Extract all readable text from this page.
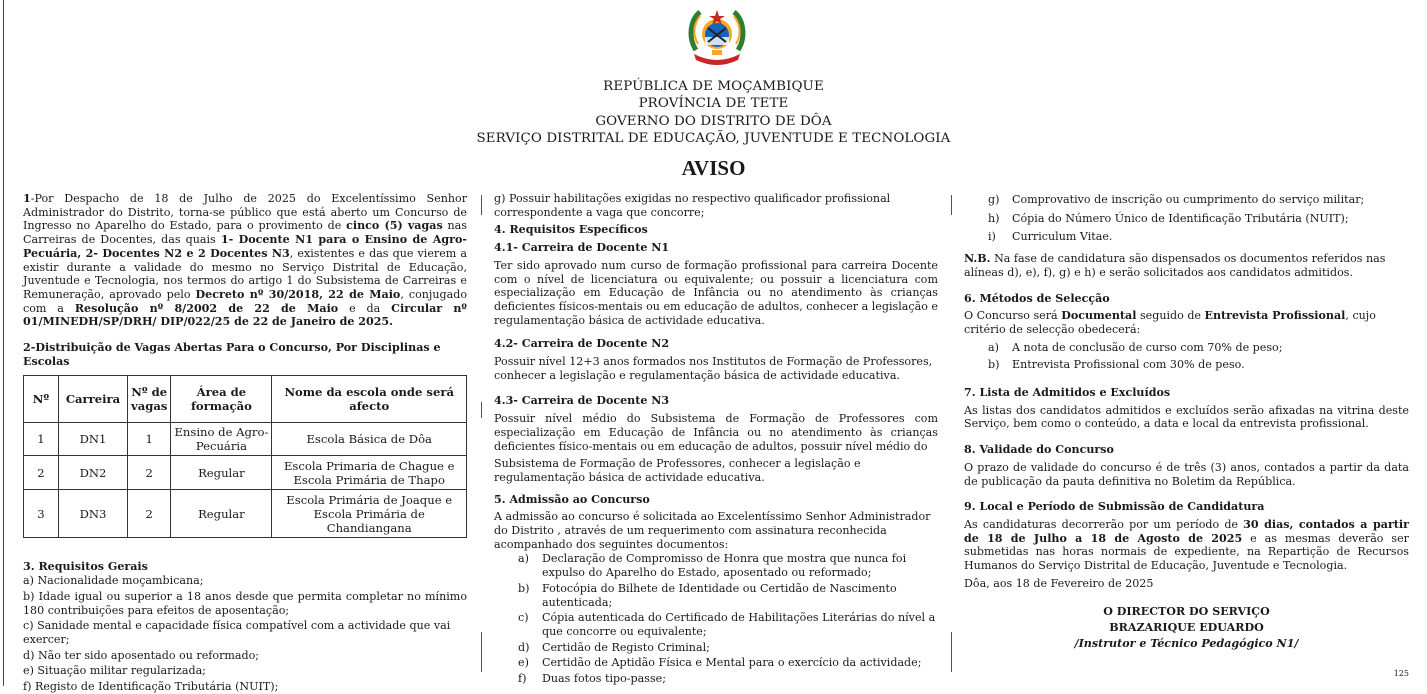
REPÚBLICA DE MOÇAMBIQUE
PROVÍNCIA DE TETE
GOVERNO DO DISTRITO DE DÔA
SERVIÇO DISTRITAL DE EDUCAÇÃO, JUVENTUDE E TECNOLOGIA
AVISO

1-Por Despacho de 18 de Julho de 2025 do Excelentíssimo Senhor Administrador do Distrito, torna-se público que está aberto um Concurso de Ingresso no Aparelho do Estado, para o provimento de cinco (5) vagas nas Carreiras de Docentes, das quais 1- Docente N1 para o Ensino de Agro-Pecuária, 2- Docentes N2 e 2 Docentes N3, existentes e das que vierem a existir durante a validade do mesmo no Serviço Distrital de Educação, Juventude e Tecnologia, nos termos do artigo 1 do Subsistema de Carreiras e Remuneração, aprovado pelo Decreto nº 30/2018, 22 de Maio, conjugado com a Resolução nº 8/2002 de 22 de Maio e da Circular nº 01/MINEDH/SP/DRH/ DIP/022/25 de 22 de Janeiro de 2025.

2-Distribuição de Vagas Abertas Para o Concurso, Por Disciplinas e Escolas

Nº	Carreira	Nº de vagas	Área de formação	Nome da escola onde será afecto
1	DN1	1	Ensino de Agro-Pecuária	Escola Básica de Dôa
2	DN2	2	Regular	Escola Primaria de Chague e Escola Primária de Thapo
3	DN3	2	Regular	Escola Primária de Joaque e Escola Primária de Chandiangana

3. Requisitos Gerais

a) Nacionalidade moçambicana;

b) Idade igual ou superior a 18 anos desde que permita completar no mínimo 180 contribuições para efeitos de aposentação;

c) Sanidade mental e capacidade física compatível com a actividade que vai exercer;

d) Não ter sido aposentado ou reformado;

e) Situação militar regularizada;

f) Registo de Identificação Tributária (NUIT);

g) Possuir habilitações exigidas no respectivo qualificador profissional correspondente a vaga que concorre;

4. Requisitos Específicos

4.1- Carreira de Docente N1

Ter sido aprovado num curso de formação profissional para carreira Docente com o nível de licenciatura ou equivalente; ou possuir a licenciatura com especialização em Educação de Infância ou no atendimento às crianças deficientes físicos-mentais ou em educação de adultos, conhecer a legislação e regulamentação básica de actividade educativa.

4.2- Carreira de Docente N2

Possuir nível 12+3 anos formados nos Institutos de Formação de Professores, conhecer a legislação e regulamentação básica de actividade educativa.

4.3- Carreira de Docente N3

Possuir nível médio do Subsistema de Formação de Professores com especialização em Educação de Infância ou no atendimento às crianças deficientes físico-mentais ou em educação de adultos, possuir nível médio do

Subsistema de Formação de Professores, conhecer a legislação e regulamentação básica de actividade educativa.

5. Admissão ao Concurso

A admissão ao concurso é solicitada ao Excelentíssimo Senhor Administrador do Distrito , através de um requerimento com assinatura reconhecida acompanhado dos seguintes documentos:

a)	Declaração de Compromisso de Honra que mostra que nunca foi expulso do Aparelho do Estado, aposentado ou reformado;
b)	Fotocópia do Bilhete de Identidade ou Certidão de Nascimento autenticada;
c)	Cópia autenticada do Certificado de Habilitações Literárias do nível a que concorre ou equivalente;
d)	Certidão de Registo Criminal;
e)	Certidão de Aptidão Física e Mental para o exercício da actividade;
f)	Duas fotos tipo-passe;
g)	Comprovativo de inscrição ou cumprimento do serviço militar;
h)	Cópia do Número Único de Identificação Tributária (NUIT);
i)	Curriculum Vitae.

N.B. Na fase de candidatura são dispensados os documentos referidos nas alíneas d), e), f), g) e h) e serão solicitados aos candidatos admitidos.

6. Métodos de Selecção

O Concurso será Documental seguido de Entrevista Profissional, cujo critério de selecção obedecerá:

a)	A nota de conclusão de curso com 70% de peso;
b)	Entrevista Profissional com 30% de peso.

7. Lista de Admitidos e Excluídos

As listas dos candidatos admitidos e excluídos serão afixadas na vitrina deste Serviço, bem como o conteúdo, a data e local da entrevista profissional.

8. Validade do Concurso

O prazo de validade do concurso é de três (3) anos, contados a partir da data de publicação da pauta definitiva no Boletim da República.

9. Local e Período de Submissão de Candidatura

As candidaturas decorrerão por um período de 30 dias, contados a partir de 18 de Julho a 18 de Agosto de 2025 e as mesmas deverão ser submetidas nas horas normais de expediente, na Repartição de Recursos Humanos do Serviço Distrital de Educação, Juventude e Tecnologia.

Dôa, aos 18 de Fevereiro de 2025

O DIRECTOR DO SERVIÇO
BRAZARIQUE EDUARDO
/Instrutor e Técnico Pedagógico N1/
125
